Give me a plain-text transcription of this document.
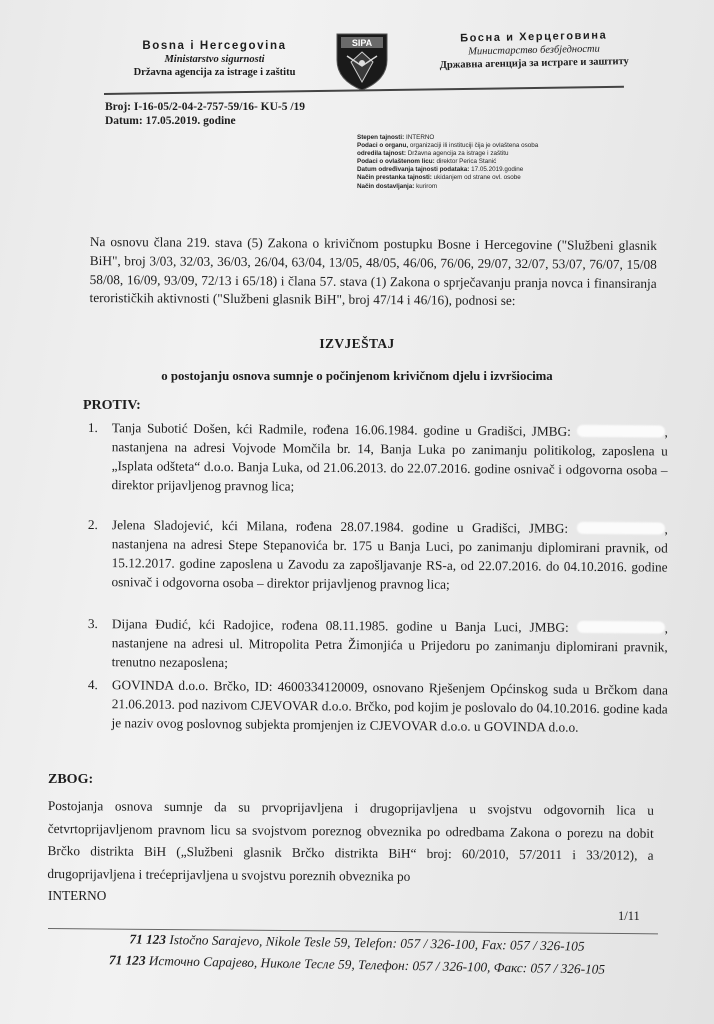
Bosna i Hercegovina
Ministarstvo sigurnosti
Državna agencija za istrage i zaštitu
SIPA	Босна и Херцеговина
Министарство безбједности
Државна агенција за истраге и заштиту
Broj: I-16-05/2-04-2-757-59/16- KU-5 /19
Datum: 17.05.2019. godine
Stepen tajnosti: INTERNO
Podaci o organu, organizaciji ili instituciji čija je ovlaštena osoba
odredila tajnost: Državna agencija za istrage i zaštitu
Podaci o ovlaštenom licu: direktor Perica Stanić
Datum određivanja tajnosti podataka: 17.05.2019.godine
Način prestanka tajnosti: ukidanjem od strane ovl. osobe
Način dostavljanja: kurirom
Na osnovu člana 219. stava (5) Zakona o krivičnom postupku Bosne i Hercegovine ("Službeni glasnik BiH", broj 3/03, 32/03, 36/03, 26/04, 63/04, 13/05, 48/05, 46/06, 76/06, 29/07, 32/07, 53/07, 76/07, 15/08 58/08, 16/09, 93/09, 72/13 i 65/18) i člana 57. stava (1) Zakona o sprječavanju pranja novca i finansiranja terorističkih aktivnosti ("Službeni glasnik BiH", broj 47/14 i 46/16), podnosi se:
IZVJEŠTAJ
o postojanju osnova sumnje o počinjenom krivičnom djelu i izvršiocima
PROTIV:
1.	Tanja Subotić Došen, kći Radmile, rođena 16.06.1984. godine u Gradišci, JMBG:	, nastanjena na adresi Vojvode Momčila br. 14, Banja Luka po zanimanju politikolog, zaposlena u „Isplata odšteta“ d.o.o. Banja Luka, od 21.06.2013. do 22.07.2016. godine osnivač i odgovorna osoba – direktor prijavljenog pravnog lica;
2.	Jelena Sladojević, kći Milana, rođena 28.07.1984. godine u Gradišci, JMBG:	, nastanjena na adresi Stepe Stepanovića br. 175 u Banja Luci, po zanimanju diplomirani pravnik, od 15.12.2017. godine zaposlena u Zavodu za zapošljavanje RS-a, od 22.07.2016. do 04.10.2016. godine osnivač i odgovorna osoba – direktor prijavljenog pravnog lica;
3.	Dijana Đudić, kći Radojice, rođena 08.11.1985. godine u Banja Luci, JMBG:	, nastanjene na adresi ul. Mitropolita Petra Žimonjića u Prijedoru po zanimanju diplomirani pravnik, trenutno nezaposlena;
4.	GOVINDA d.o.o. Brčko, ID: 4600334120009, osnovano Rješenjem Općinskog suda u Brčkom dana 21.06.2013. pod nazivom CJEVOVAR d.o.o. Brčko, pod kojim je poslovalo do 04.10.2016. godine kada je naziv ovog poslovnog subjekta promjenjen iz CJEVOVAR d.o.o. u GOVINDA d.o.o.
ZBOG:
Postojanja osnova sumnje da su prvoprijavljena i drugoprijavljena u svojstvu odgovornih lica u četvrtoprijavljenom pravnom licu sa svojstvom poreznog obveznika po odredbama Zakona o porezu na dobit Brčko distrikta BiH („Službeni glasnik Brčko distrikta BiH“ broj: 60/2010, 57/2011 i 33/2012), a drugoprijavljena i trećeprijavljena u svojstvu poreznih obveznika po
INTERNO
1/11
71 123 Istočno Sarajevo, Nikole Tesle 59, Telefon: 057 / 326-100, Fax: 057 / 326-105
71 123 Источно Сарајево, Николе Тесле 59, Телефон: 057 / 326-100, Факс: 057 / 326-105
